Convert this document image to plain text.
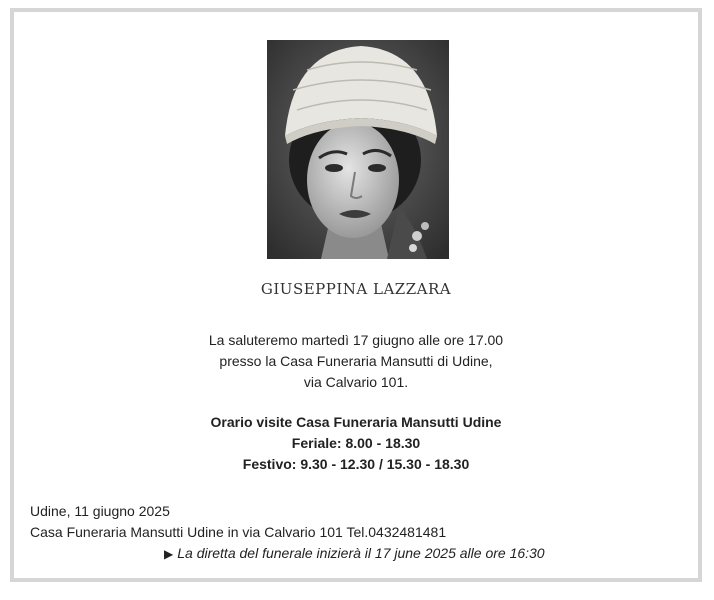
GIUSEPPINA LAZZARA
La saluteremo martedì 17 giugno alle ore 17.00
presso la Casa Funeraria Mansutti di Udine,
via Calvario 101.
Orario visite Casa Funeraria Mansutti Udine
Feriale: 8.00 - 18.30
Festivo: 9.30 - 12.30 / 15.30 - 18.30
Udine, 11 giugno 2025
Casa Funeraria Mansutti Udine in via Calvario 101 Tel.0432481481
▶ La diretta del funerale inizierà il 17 june 2025 alle ore 16:30
